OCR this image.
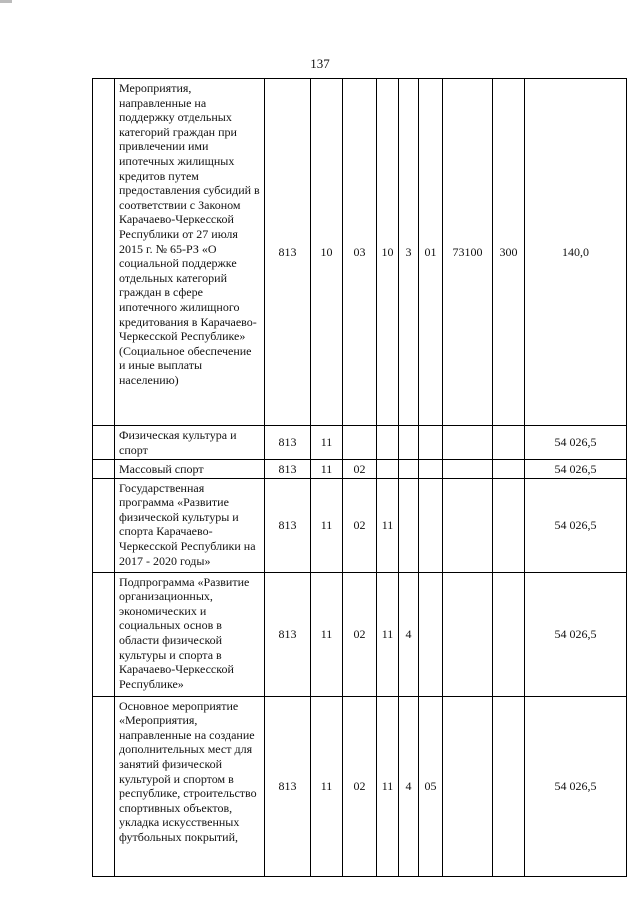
137
	Мероприятия, направленные на поддержку отдельных категорий граждан при привлечении ими ипотечных жилищных кредитов путем предоставления субсидий в соответствии с Законом Карачаево-Черкесской Республики от 27 июля 2015 г. № 65-РЗ «О социальной поддержке отдельных категорий граждан в сфере ипотечного жилищного кредитования в Карачаево-Черкесской Республике» (Социальное обеспечение и иные выплаты населению)	813	10	03	10	3	01	73100	300	140,0
	Физическая культура и спорт	813	11							54 026,5
	Массовый спорт	813	11	02						54 026,5
	Государственная программа «Развитие физической культуры и спорта Карачаево-Черкесской Республики на 2017 - 2020 годы»	813	11	02	11					54 026,5
	Подпрограмма «Развитие организационных, экономических и социальных основ в области физической культуры и спорта в Карачаево-Черкесской Республике»	813	11	02	11	4				54 026,5
	Основное мероприятие «Мероприятия, направленные на создание дополнительных мест для занятий физической культурой и спортом в республике, строительство спортивных объектов, укладка искусственных футбольных покрытий,	813	11	02	11	4	05			54 026,5
